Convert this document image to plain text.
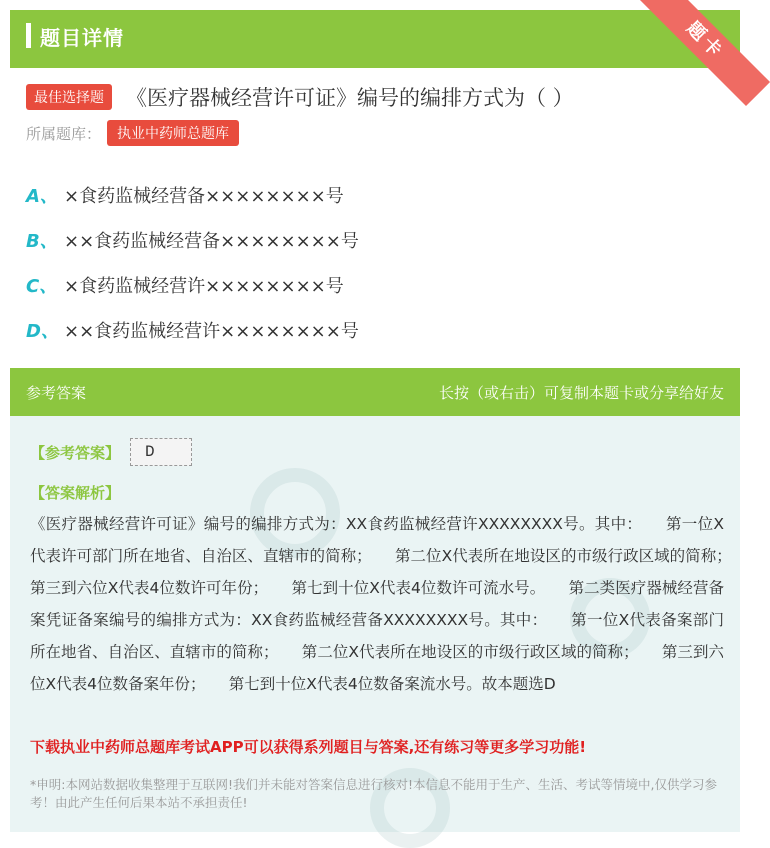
题目详情	题卡
最佳选择题	《医疗器械经营许可证》编号的编排方式为（ ）
所属题库：	执业中药师总题库
A、 ×食药监械经营备××××××××号
B、 ××食药监械经营备××××××××号
C、 ×食药监械经营许××××××××号
D、 ××食药监械经营许××××××××号
参考答案	长按（或右击）可复制本题卡或分享给好友
【参考答案】	D
【答案解析】
《医疗器械经营许可证》编号的编排方式为：XX食药监械经营许XXXXXXXX号。其中：　　第一位X代表许可部门所在地省、自治区、直辖市的简称；　　第二位X代表所在地设区的市级行政区域的简称；　　第三到六位X代表4位数许可年份；　　第七到十位X代表4位数许可流水号。　　第二类医疗器械经营备案凭证备案编号的编排方式为：XX食药监械经营备XXXXXXXX号。其中：　　第一位X代表备案部门所在地省、自治区、直辖市的简称；　　第二位X代表所在地设区的市级行政区域的简称；　　第三到六位X代表4位数备案年份；　　第七到十位X代表4位数备案流水号。故本题选D
下载执业中药师总题库考试APP可以获得系列题目与答案,还有练习等更多学习功能!
*申明:本网站数据收集整理于互联网!我们并未能对答案信息进行核对!本信息不能用于生产、生活、考试等情境中,仅供学习参考！由此产生任何后果本站不承担责任!
